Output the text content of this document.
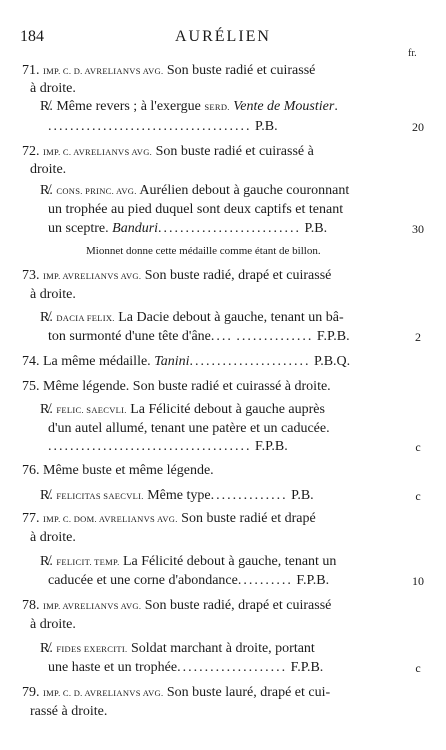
184	AURÉLIEN
fr.
71. IMP. C. D. AVRELIANVS AVG. Son buste radié et cuirassé
à droite.
R̸. Même revers ; à l'exergue SERD. Vente de Moustier.
..................................... P.B.	20
72. IMP. C. AVRELIANVS AVG. Son buste radié et cuirassé à
droite.
R̸. CONS. PRINC. AVG. Aurélien debout à gauche couronnant
un trophée au pied duquel sont deux captifs et tenant
un sceptre. Banduri.......................... P.B.	30
Mionnet donne cette médaille comme étant de billon.
73. IMP. AVRELIANVS AVG. Son buste radié, drapé et cuirassé
à droite.
R̸. DACIA FELIX. La Dacie debout à gauche, tenant un bâ-
ton surmonté d'une tête d'âne.... .............. F.P.B.	2
74. La même médaille. Tanini...................... P.B.Q.
75. Même légende. Son buste radié et cuirassé à droite.
R̸. FELIC. SAECVLI. La Félicité debout à gauche auprès
d'un autel allumé, tenant une patère et un caducée.
..................................... F.P.B.	c
76. Même buste et même légende.
R̸. FELICITAS SAECVLI. Même type.............. P.B.	c
77. IMP. C. DOM. AVRELIANVS AVG. Son buste radié et drapé
à droite.
R̸. FELICIT. TEMP. La Félicité debout à gauche, tenant un
caducée et une corne d'abondance.......... F.P.B.	10
78. IMP. AVRELIANVS AVG. Son buste radié, drapé et cuirassé
à droite.
R̸. FIDES EXERCITI. Soldat marchant à droite, portant
une haste et un trophée.................... F.P.B.	c
79. IMP. C. D. AVRELIANVS AVG. Son buste lauré, drapé et cui-
rassé à droite.
